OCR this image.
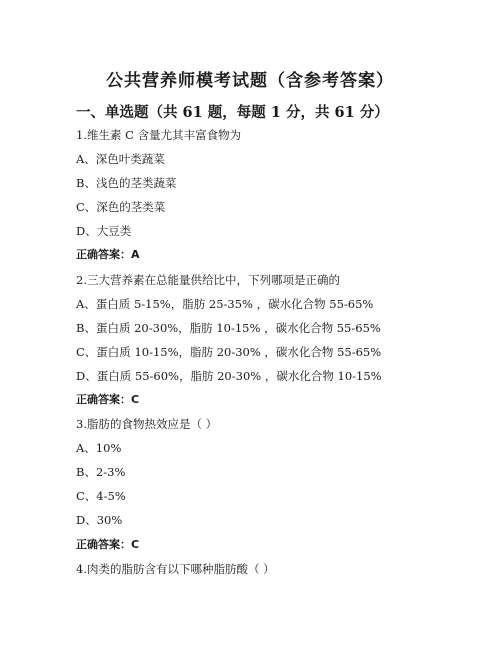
公共营养师模考试题（含参考答案）
一、单选题（共 61 题，每题 1 分，共 61 分）
1.维生素 C 含量尤其丰富食物为
A、深色叶类蔬菜
B、浅色的茎类蔬菜
C、深色的茎类菜
D、大豆类
正确答案：A
2.三大营养素在总能量供给比中，下列哪项是正确的
A、蛋白质 5-15%，脂肪 25-35% ，碳水化合物 55-65%
B、蛋白质 20-30%，脂肪 10-15% ，碳水化合物 55-65%
C、蛋白质 10-15%，脂肪 20-30% ，碳水化合物 55-65%
D、蛋白质 55-60%，脂肪 20-30% ，碳水化合物 10-15%
正确答案：C
3.脂肪的食物热效应是（ ）
A、10%
B、2-3%
C、4-5%
D、30%
正确答案：C
4.肉类的脂肪含有以下哪种脂肪酸（ ）
